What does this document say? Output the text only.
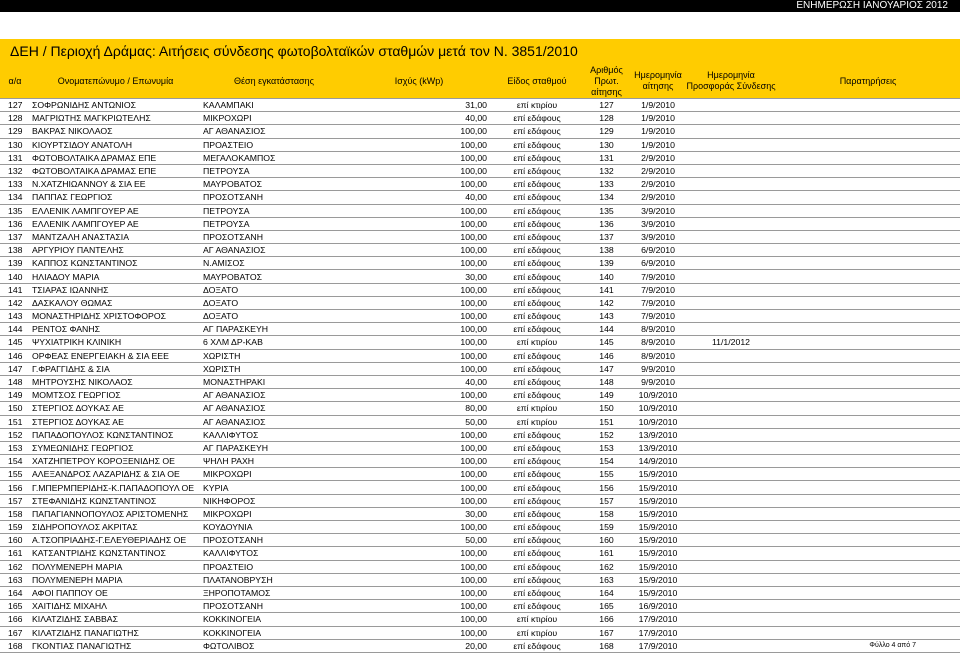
ΕΝΗΜΕΡΩΣΗ ΙΑΝΟΥΑΡΙΟΣ 2012
ΔΕΗ / Περιοχή Δράμας: Αιτήσεις σύνδεσης φωτοβολταϊκών σταθμών μετά τον Ν. 3851/2010
α/α	Ονοματεπώνυμο / Επωνυμία	Θέση εγκατάστασης	Ισχύς (kWp)	Είδος σταθμού	Αριθμός Πρωτ. αίτησης	Ημερομηνία αίτησης	Ημερομηνία Προσφοράς Σύνδεσης	Παρατηρήσεις
127	ΣΟΦΡΩΝΙΔΗΣ ΑΝΤΩΝΙΟΣ	ΚΑΛΑΜΠΑΚΙ	31,00	επί κτιρίου	127	1/9/2010		
128	ΜΑΓΡΙΩΤΗΣ ΜΑΓΚΡΙΩΤΕΛΗΣ	ΜΙΚΡΟΧΩΡΙ	40,00	επί εδάφους	128	1/9/2010		
129	ΒΑΚΡΑΣ ΝΙΚΟΛΑΟΣ	ΑΓ ΑΘΑΝΑΣΙΟΣ	100,00	επί εδάφους	129	1/9/2010		
130	ΚΙΟΥΡΤΣΙΔΟΥ ΑΝΑΤΟΛΗ	ΠΡΟΑΣΤΕΙΟ	100,00	επί εδάφους	130	1/9/2010		
131	ΦΩΤΟΒΟΛΤΑΙΚΑ ΔΡΑΜΑΣ ΕΠΕ	ΜΕΓΑΛΟΚΑΜΠΟΣ	100,00	επί εδάφους	131	2/9/2010		
132	ΦΩΤΟΒΟΛΤΑΙΚΑ ΔΡΑΜΑΣ ΕΠΕ	ΠΕΤΡΟΥΣΑ	100,00	επί εδάφους	132	2/9/2010		
133	Ν.ΧΑΤΖΗΙΩΑΝΝΟΥ & ΣΙΑ ΕΕ	ΜΑΥΡΟΒΑΤΟΣ	100,00	επί εδάφους	133	2/9/2010		
134	ΠΑΠΠΑΣ ΓΕΩΡΓΙΟΣ	ΠΡΟΣΟΤΣΑΝΗ	40,00	επί εδάφους	134	2/9/2010		
135	ΕΛΛΕΝΙΚ ΛΑΜΠΓΟΥΕΡ ΑΕ	ΠΕΤΡΟΥΣΑ	100,00	επί εδάφους	135	3/9/2010		
136	ΕΛΛΕΝΙΚ ΛΑΜΠΓΟΥΕΡ ΑΕ	ΠΕΤΡΟΥΣΑ	100,00	επί εδάφους	136	3/9/2010		
137	ΜΑΝΤΖΑΛΗ ΑΝΑΣΤΑΣΙΑ	ΠΡΟΣΟΤΣΑΝΗ	100,00	επί εδάφους	137	3/9/2010		
138	ΑΡΓΥΡΙΟΥ ΠΑΝΤΕΛΗΣ	ΑΓ ΑΘΑΝΑΣΙΟΣ	100,00	επί εδάφους	138	6/9/2010		
139	ΚΑΠΠΟΣ ΚΩΝΣΤΑΝΤΙΝΟΣ	Ν.ΑΜΙΣΟΣ	100,00	επί εδάφους	139	6/9/2010		
140	ΗΛΙΑΔΟΥ ΜΑΡΙΑ	ΜΑΥΡΟΒΑΤΟΣ	30,00	επί εδάφους	140	7/9/2010		
141	ΤΣΙΑΡΑΣ ΙΩΑΝΝΗΣ	ΔΟΞΑΤΟ	100,00	επί εδάφους	141	7/9/2010		
142	ΔΑΣΚΑΛΟΥ ΘΩΜΑΣ	ΔΟΞΑΤΟ	100,00	επί εδάφους	142	7/9/2010		
143	ΜΟΝΑΣΤΗΡΙΔΗΣ ΧΡΙΣΤΟΦΟΡΟΣ	ΔΟΞΑΤΟ	100,00	επί εδάφους	143	7/9/2010		
144	ΡΕΝΤΟΣ ΦΑΝΗΣ	ΑΓ ΠΑΡΑΣΚΕΥΗ	100,00	επί εδάφους	144	8/9/2010		
145	ΨΥΧΙΑΤΡΙΚΗ ΚΛΙΝΙΚΗ	6 ΧΛΜ ΔΡ-ΚΑΒ	100,00	επί κτιρίου	145	8/9/2010	11/1/2012	
146	ΟΡΦΕΑΣ ΕΝΕΡΓΕΙΑΚΗ & ΣΙΑ ΕΕΕ	ΧΩΡΙΣΤΗ	100,00	επί εδάφους	146	8/9/2010		
147	Γ.ΦΡΑΓΓΙΔΗΣ & ΣΙΑ	ΧΩΡΙΣΤΗ	100,00	επί εδάφους	147	9/9/2010		
148	ΜΗΤΡΟΥΣΗΣ ΝΙΚΟΛΑΟΣ	ΜΟΝΑΣΤΗΡΑΚΙ	40,00	επί εδάφους	148	9/9/2010		
149	ΜΟΜΤΣΟΣ ΓΕΩΡΓΙΟΣ	ΑΓ ΑΘΑΝΑΣΙΟΣ	100,00	επί εδάφους	149	10/9/2010		
150	ΣΤΕΡΓΙΟΣ ΔΟΥΚΑΣ ΑΕ	ΑΓ ΑΘΑΝΑΣΙΟΣ	80,00	επί κτιρίου	150	10/9/2010		
151	ΣΤΕΡΓΙΟΣ ΔΟΥΚΑΣ ΑΕ	ΑΓ ΑΘΑΝΑΣΙΟΣ	50,00	επί κτιρίου	151	10/9/2010		
152	ΠΑΠΑΔΟΠΟΥΛΟΣ ΚΩΝΣΤΑΝΤΙΝΟΣ	ΚΑΛΛΙΦΥΤΟΣ	100,00	επί εδάφους	152	13/9/2010		
153	ΣΥΜΕΩΝΙΔΗΣ ΓΕΩΡΓΙΟΣ	ΑΓ ΠΑΡΑΣΚΕΥΗ	100,00	επί εδάφους	153	13/9/2010		
154	ΧΑΤΖΗΠΕΤΡΟΥ ΚΟΡΟΞΕΝΙΔΗΣ ΟΕ	ΨΗΛΗ ΡΑΧΗ	100,00	επί εδάφους	154	14/9/2010		
155	ΑΛΕΞΑΝΔΡΟΣ ΛΑΖΑΡΙΔΗΣ & ΣΙΑ ΟΕ	ΜΙΚΡΟΧΩΡΙ	100,00	επί εδάφους	155	15/9/2010		
156	Γ.ΜΠΕΡΜΠΕΡΙΔΗΣ-Κ.ΠΑΠΑΔΟΠΟΥΛ ΟΕ	ΚΥΡΙΑ	100,00	επί εδάφους	156	15/9/2010		
157	ΣΤΕΦΑΝΙΔΗΣ ΚΩΝΣΤΑΝΤΙΝΟΣ	ΝΙΚΗΦΟΡΟΣ	100,00	επί εδάφους	157	15/9/2010		
158	ΠΑΠΑΓΙΑΝΝΟΠΟΥΛΟΣ ΑΡΙΣΤΟΜΕΝΗΣ	ΜΙΚΡΟΧΩΡΙ	30,00	επί εδάφους	158	15/9/2010		
159	ΣΙΔΗΡΟΠΟΥΛΟΣ ΑΚΡΙΤΑΣ	ΚΟΥΔΟΥΝΙΑ	100,00	επί εδάφους	159	15/9/2010		
160	Α.ΤΣΟΠΡΙΑΔΗΣ-Γ.ΕΛΕΥΘΕΡΙΑΔΗΣ ΟΕ	ΠΡΟΣΟΤΣΑΝΗ	50,00	επί εδάφους	160	15/9/2010		
161	ΚΑΤΣΑΝΤΡΙΔΗΣ ΚΩΝΣΤΑΝΤΙΝΟΣ	ΚΑΛΛΙΦΥΤΟΣ	100,00	επί εδάφους	161	15/9/2010		
162	ΠΟΛΥΜΕΝΕΡΗ ΜΑΡΙΑ	ΠΡΟΑΣΤΕΙΟ	100,00	επί εδάφους	162	15/9/2010		
163	ΠΟΛΥΜΕΝΕΡΗ ΜΑΡΙΑ	ΠΛΑΤΑΝΟΒΡΥΣΗ	100,00	επί εδάφους	163	15/9/2010		
164	ΑΦΟΙ ΠΑΠΠΟΥ ΟΕ	ΞΗΡΟΠΟΤΑΜΟΣ	100,00	επί εδάφους	164	15/9/2010		
165	ΧΑΙΤΙΔΗΣ ΜΙΧΑΗΛ	ΠΡΟΣΟΤΣΑΝΗ	100,00	επί εδάφους	165	16/9/2010		
166	ΚΙΛΑΤΖΙΔΗΣ ΣΑΒΒΑΣ	ΚΟΚΚΙΝΟΓΕΙΑ	100,00	επί κτιρίου	166	17/9/2010		
167	ΚΙΛΑΤΖΙΔΗΣ ΠΑΝΑΓΙΩΤΗΣ	ΚΟΚΚΙΝΟΓΕΙΑ	100,00	επί κτιρίου	167	17/9/2010		
168	ΓΚΟΝΤΙΑΣ ΠΑΝΑΓΙΩΤΗΣ	ΦΩΤΟΛΙΒΟΣ	20,00	επί εδάφους	168	17/9/2010			Φύλλο 4 από 7
